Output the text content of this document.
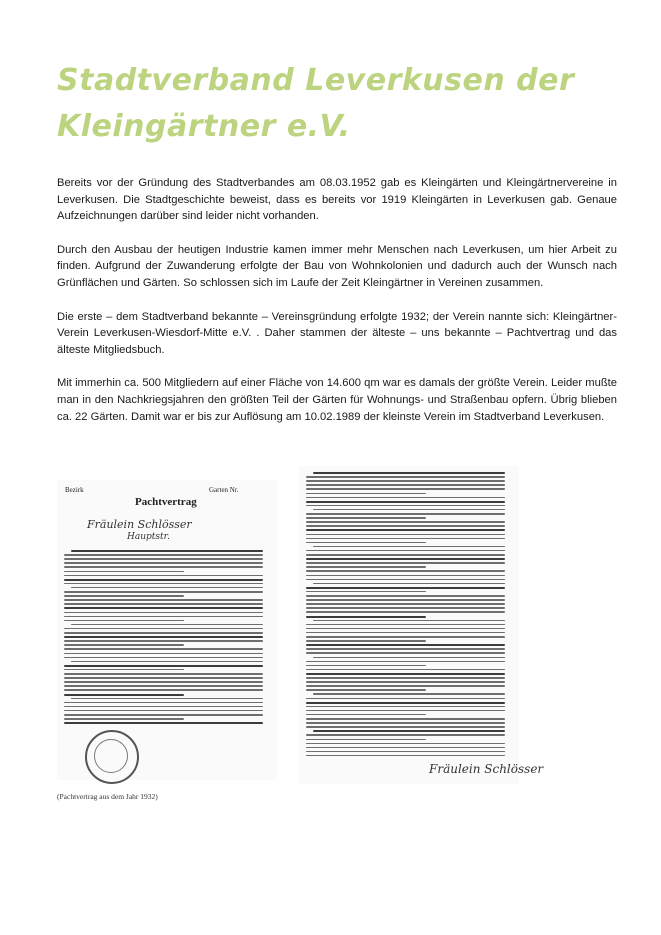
Stadtverband Leverkusen der
Kleingärtner e.V.

Bereits vor der Gründung des Stadtverbandes am 08.03.1952 gab es Kleingärten und Kleingärtnervereine in Leverkusen. Die Stadtgeschichte beweist, dass es bereits vor 1919 Kleingärten in Leverkusen gab. Genaue Aufzeichnungen darüber sind leider nicht vorhanden.

Durch den Ausbau der heutigen Industrie kamen immer mehr Menschen nach Leverkusen, um hier Arbeit zu finden. Aufgrund der Zuwanderung erfolgte der Bau von Wohnkolonien und dadurch auch der Wunsch nach Grünflächen und Gärten. So schlossen sich im Laufe der Zeit Kleingärtner in Vereinen zusammen.

Die erste – dem Stadtverband bekannte – Vereinsgründung erfolgte 1932; der Verein nannte sich: Kleingärtner-Verein Leverkusen-Wiesdorf-Mitte e.V. . Daher stammen der älteste – uns bekannte – Pachtvertrag und das älteste Mitgliedsbuch.

Mit immerhin ca. 500 Mitgliedern auf einer Fläche von 14.600 qm war es damals der größte Verein. Leider mußte man in den Nachkriegsjahren den größten Teil der Gärten für Wohnungs- und Straßenbau opfern. Übrig blieben ca. 22 Gärten. Damit war er bis zur Auflösung am 10.02.1989 der kleinste Verein im Stadtverband Leverkusen.

Bezirk	Garten Nr.
Pachtvertrag
Fräulein Schlösser
Hauptstr.
Fräulein Schlösser
(Pachtvertrag aus dem Jahr 1932)
